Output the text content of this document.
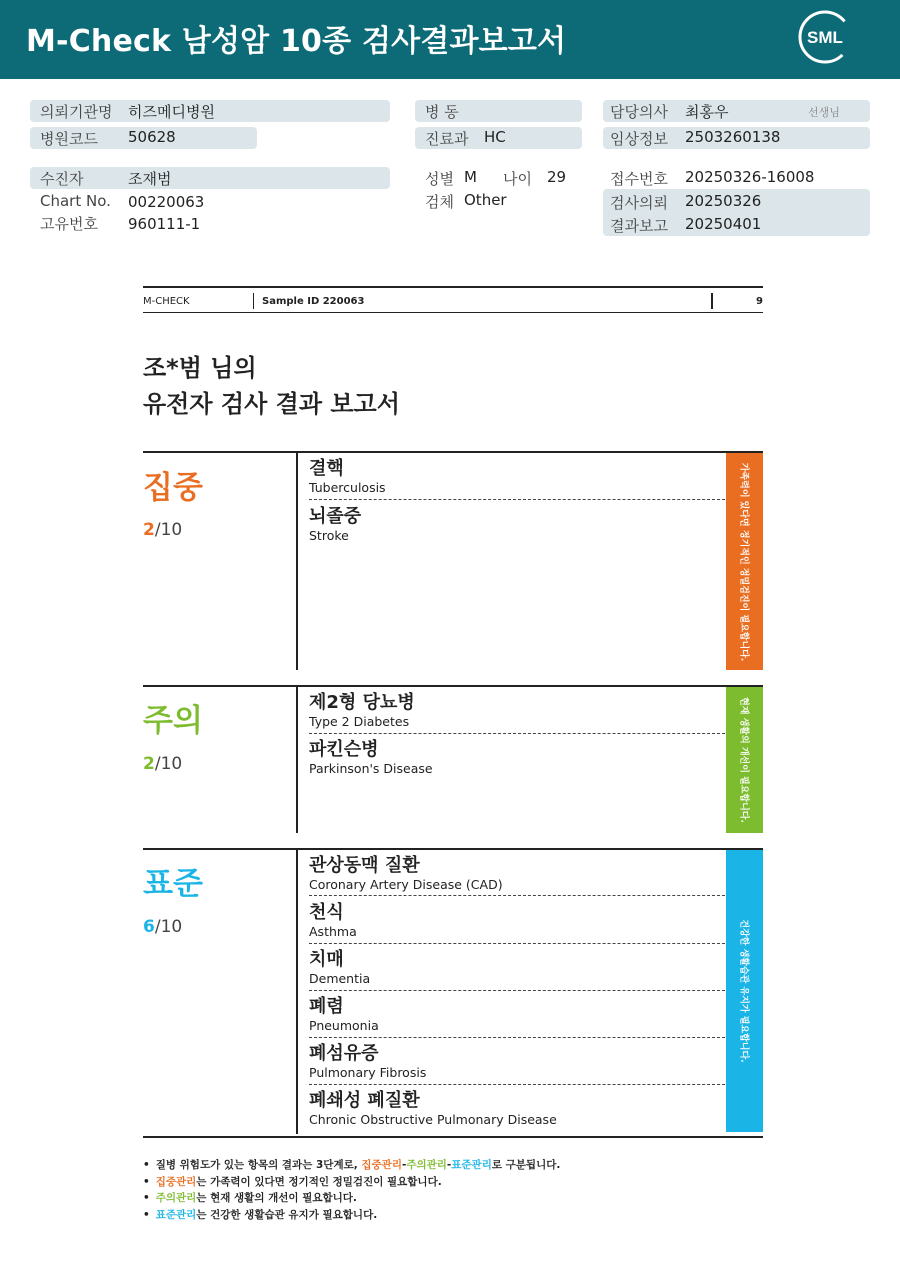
M-Check 남성암 10종 검사결과보고서	SML
의뢰기관명 히즈메디병원
병원코드 50628
수진자	조재범
Chart No. 00220063
고유번호 960111-1
병 동
진료과 HC
성별 M 나이 29
검체 Other
담당의사 최홍우	선생님
임상정보 2503260138
접수번호 20250326-16008
검사의뢰 20250326
결과보고 20250401
M-CHECK	Sample ID 220063	9
조*범 님의
유전자 검사 결과 보고서
집중
2/10
결핵
Tuberculosis
뇌졸중
Stroke	가족력이 있다면 정기적인 정밀검진이 필요합니다.
주의
2/10
제2형 당뇨병
Type 2 Diabetes
파킨슨병
Parkinson's Disease	현재 생활의 개선이 필요합니다.
표준
6/10
관상동맥 질환
Coronary Artery Disease (CAD)
천식
Asthma
치매
Dementia
폐렴
Pneumonia
폐섬유증
Pulmonary Fibrosis
폐쇄성 폐질환
Chronic Obstructive Pulmonary Disease
건강한 생활습관 유지가 필요합니다.
• 질병 위험도가 있는 항목의 결과는 3단계로, 집중관리-주의관리-표준관리로 구분됩니다.
• 집중관리는 가족력이 있다면 정기적인 정밀검진이 필요합니다.
• 주의관리는 현재 생활의 개선이 필요합니다.
• 표준관리는 건강한 생활습관 유지가 필요합니다.
